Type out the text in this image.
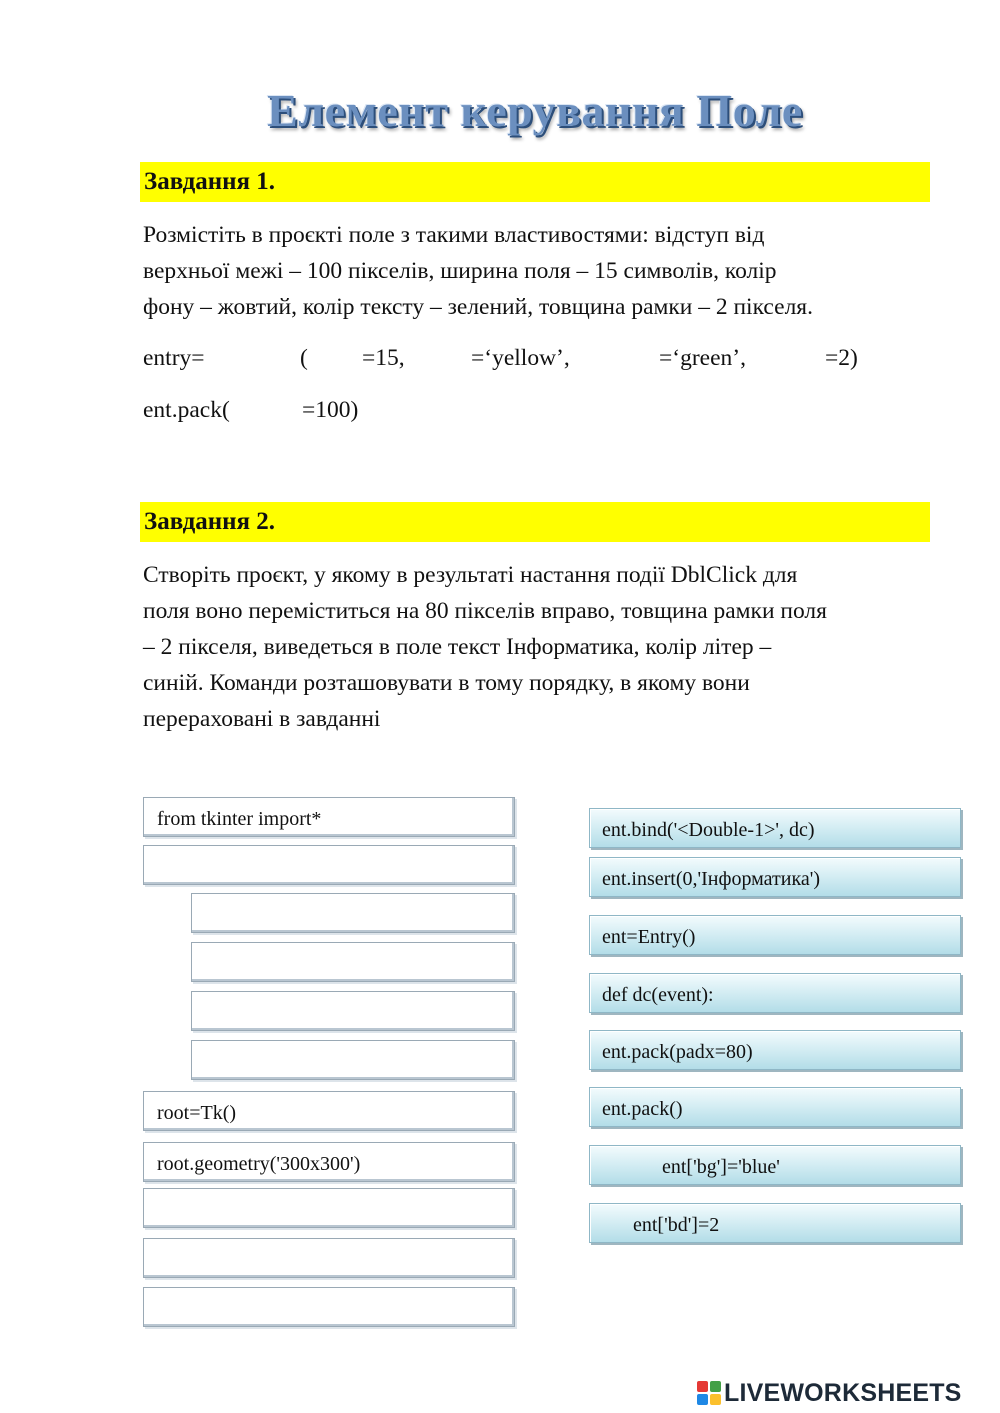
Елемент керування Поле
Завдання 1.

Розмістіть в проєкті поле з такими властивостями: відступ від

верхньої межі – 100 пікселів, ширина поля – 15 символів, колір

фону – жовтий, колір тексту – зелений, товщина рамки – 2 пікселя.

entry=

	(

=15,

	=‘yellow’,

	=‘green’,

	=2)

ent.pack(

	=100)

Завдання 2.

Створіть проєкт, у якому в результаті настання події DblClick для

поля воно переміститься на 80 пікселів вправо, товщина рамки поля

– 2 пікселя, виведеться в поле текст Інформатика, колір літер –

синій. Команди розташовувати в тому порядку, в якому вони

перераховані в завданні

from tkinter import*
root=Tk()
root.geometry('300x300')
ent.bind('<Double-1>', dc)
ent.insert(0,'Інформатика')
ent=Entry()
def dc(event):
ent.pack(padx=80)
ent.pack()
ent['bg']='blue'
ent['bd']=2
LIVEWORKSHEETS
